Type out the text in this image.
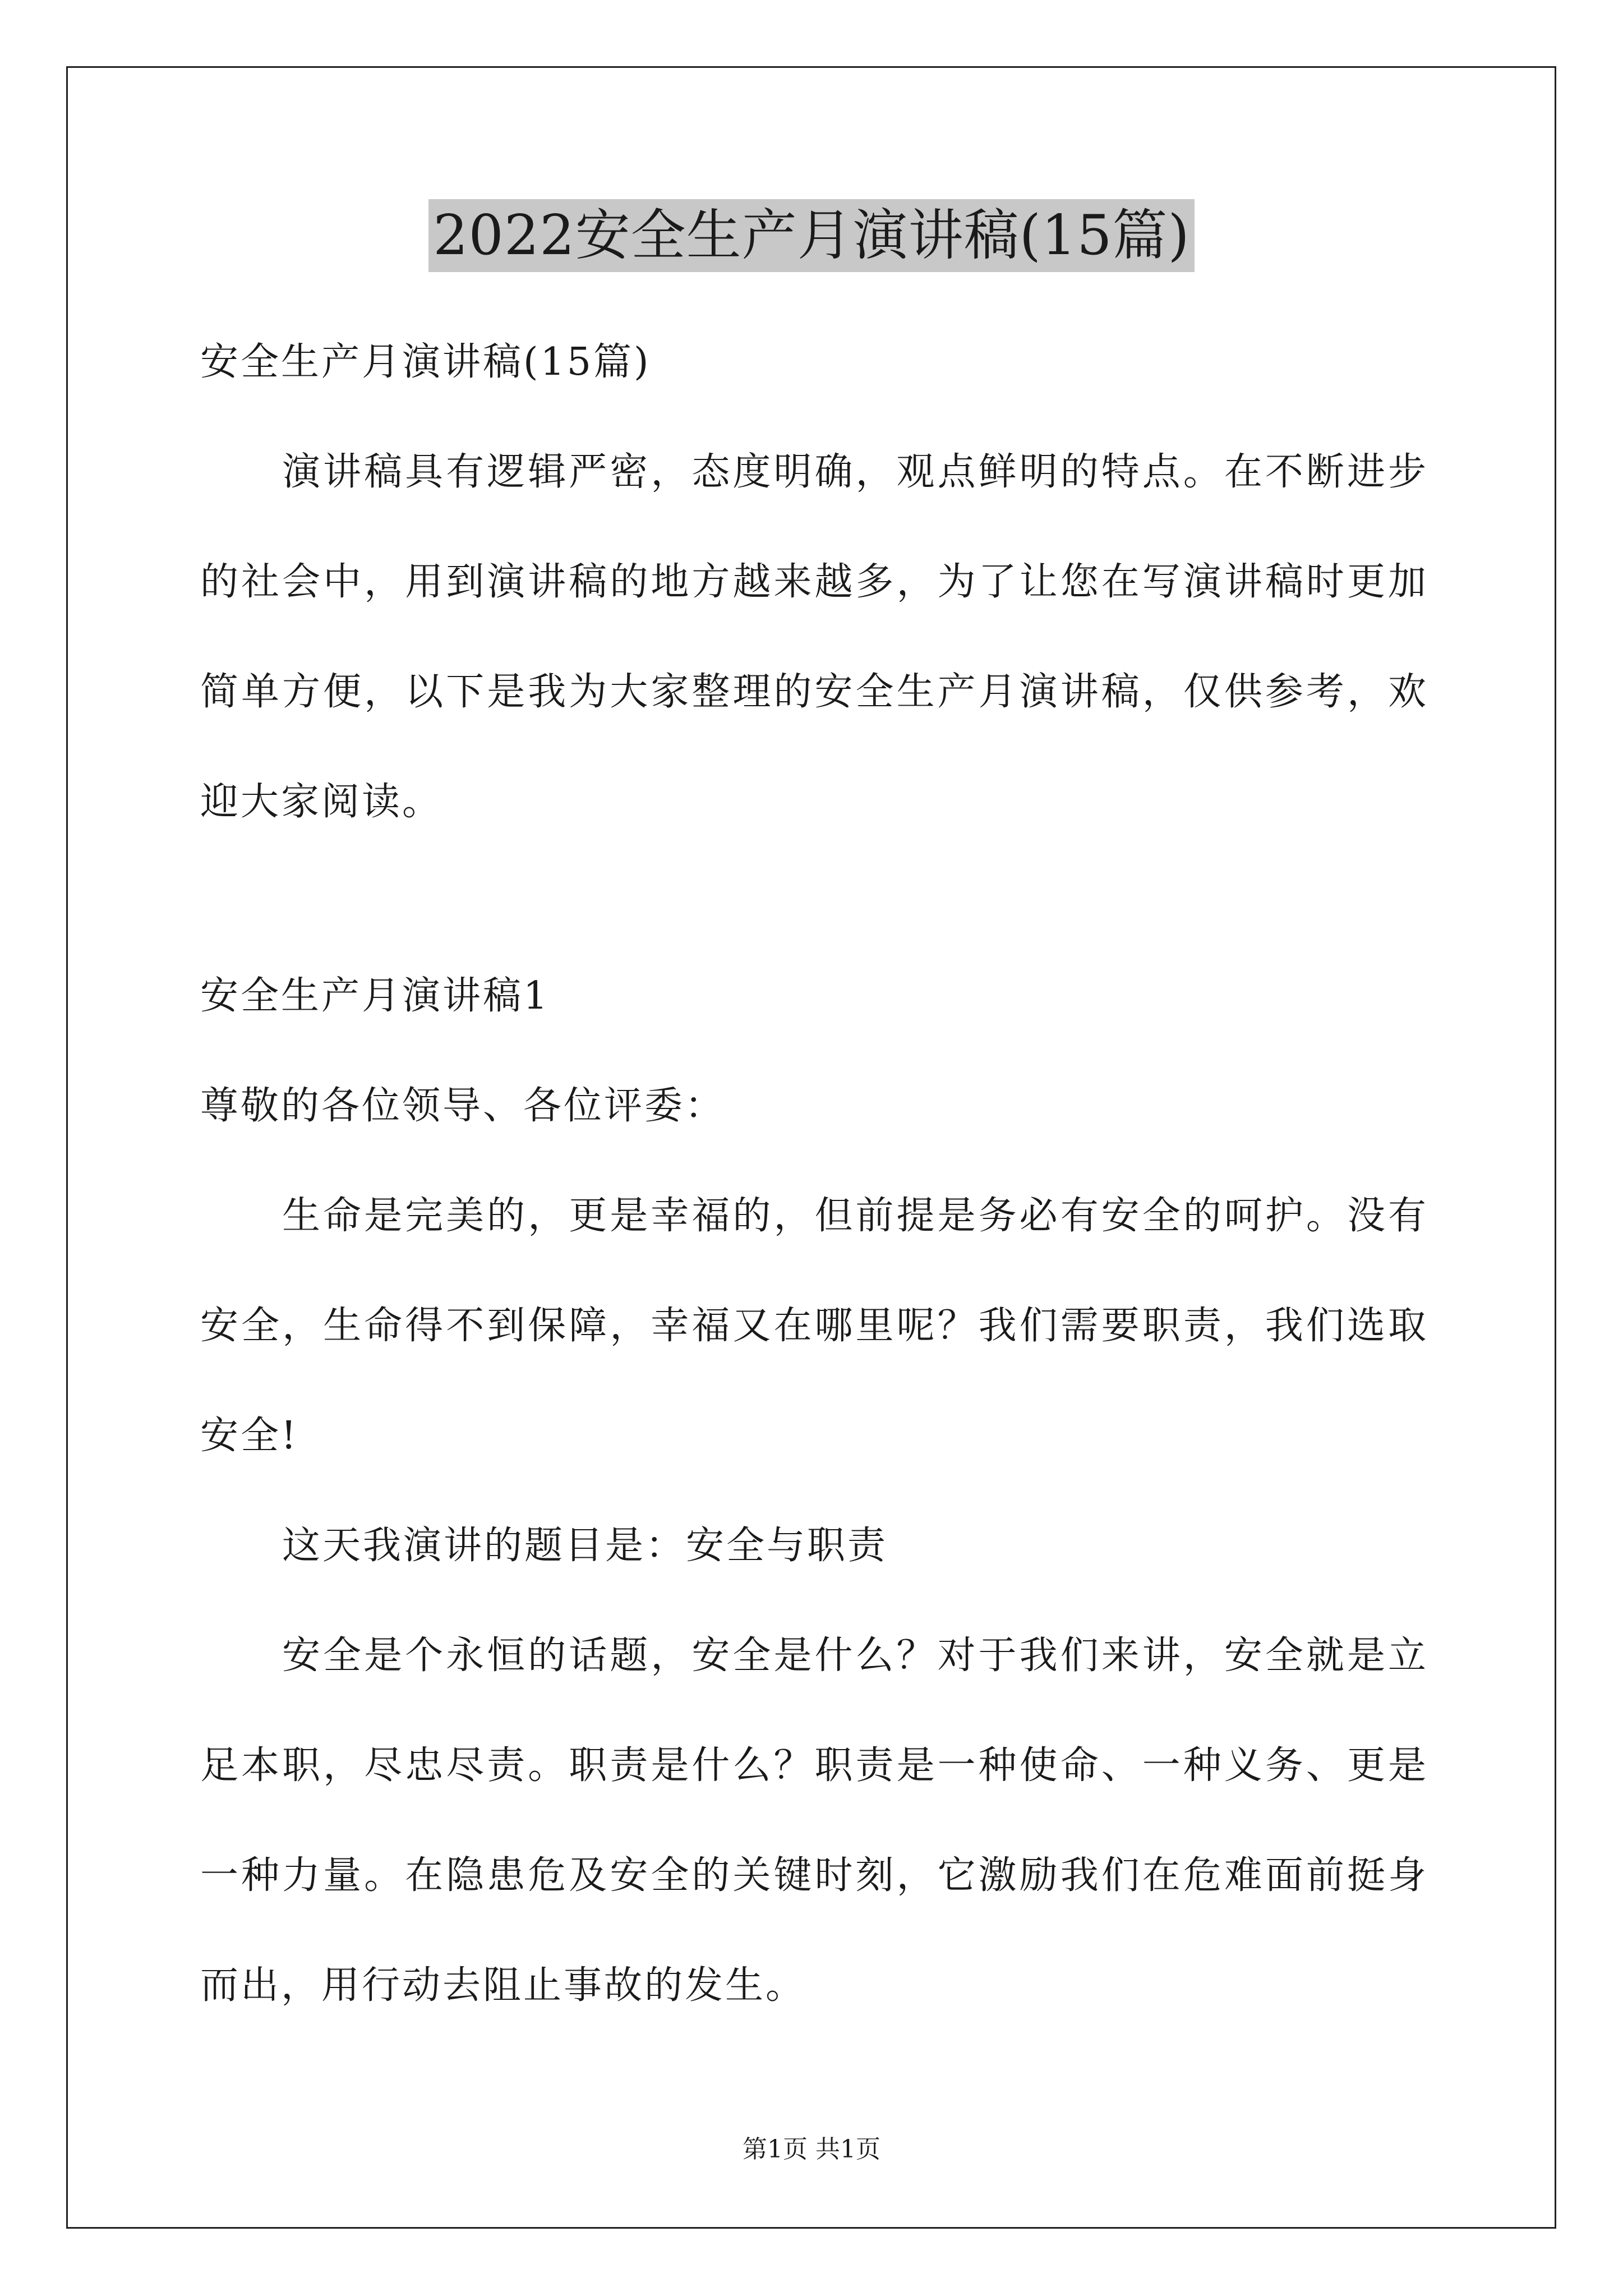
2022安全生产月演讲稿(15篇)
安全生产月演讲稿(15篇)
演讲稿具有逻辑严密，态度明确，观点鲜明的特点。在不断进步的社会中，用到演讲稿的地方越来越多，为了让您在写演讲稿时更加简单方便，以下是我为大家整理的安全生产月演讲稿，仅供参考，欢迎大家阅读。
安全生产月演讲稿1
尊敬的各位领导、各位评委：
生命是完美的，更是幸福的，但前提是务必有安全的呵护。没有安全，生命得不到保障，幸福又在哪里呢？我们需要职责，我们选取安全!
这天我演讲的题目是：安全与职责
安全是个永恒的话题，安全是什么？对于我们来讲，安全就是立足本职，尽忠尽责。职责是什么？职责是一种使命、一种义务、更是一种力量。在隐患危及安全的关键时刻，它激励我们在危难面前挺身而出，用行动去阻止事故的发生。
第1页 共1页
